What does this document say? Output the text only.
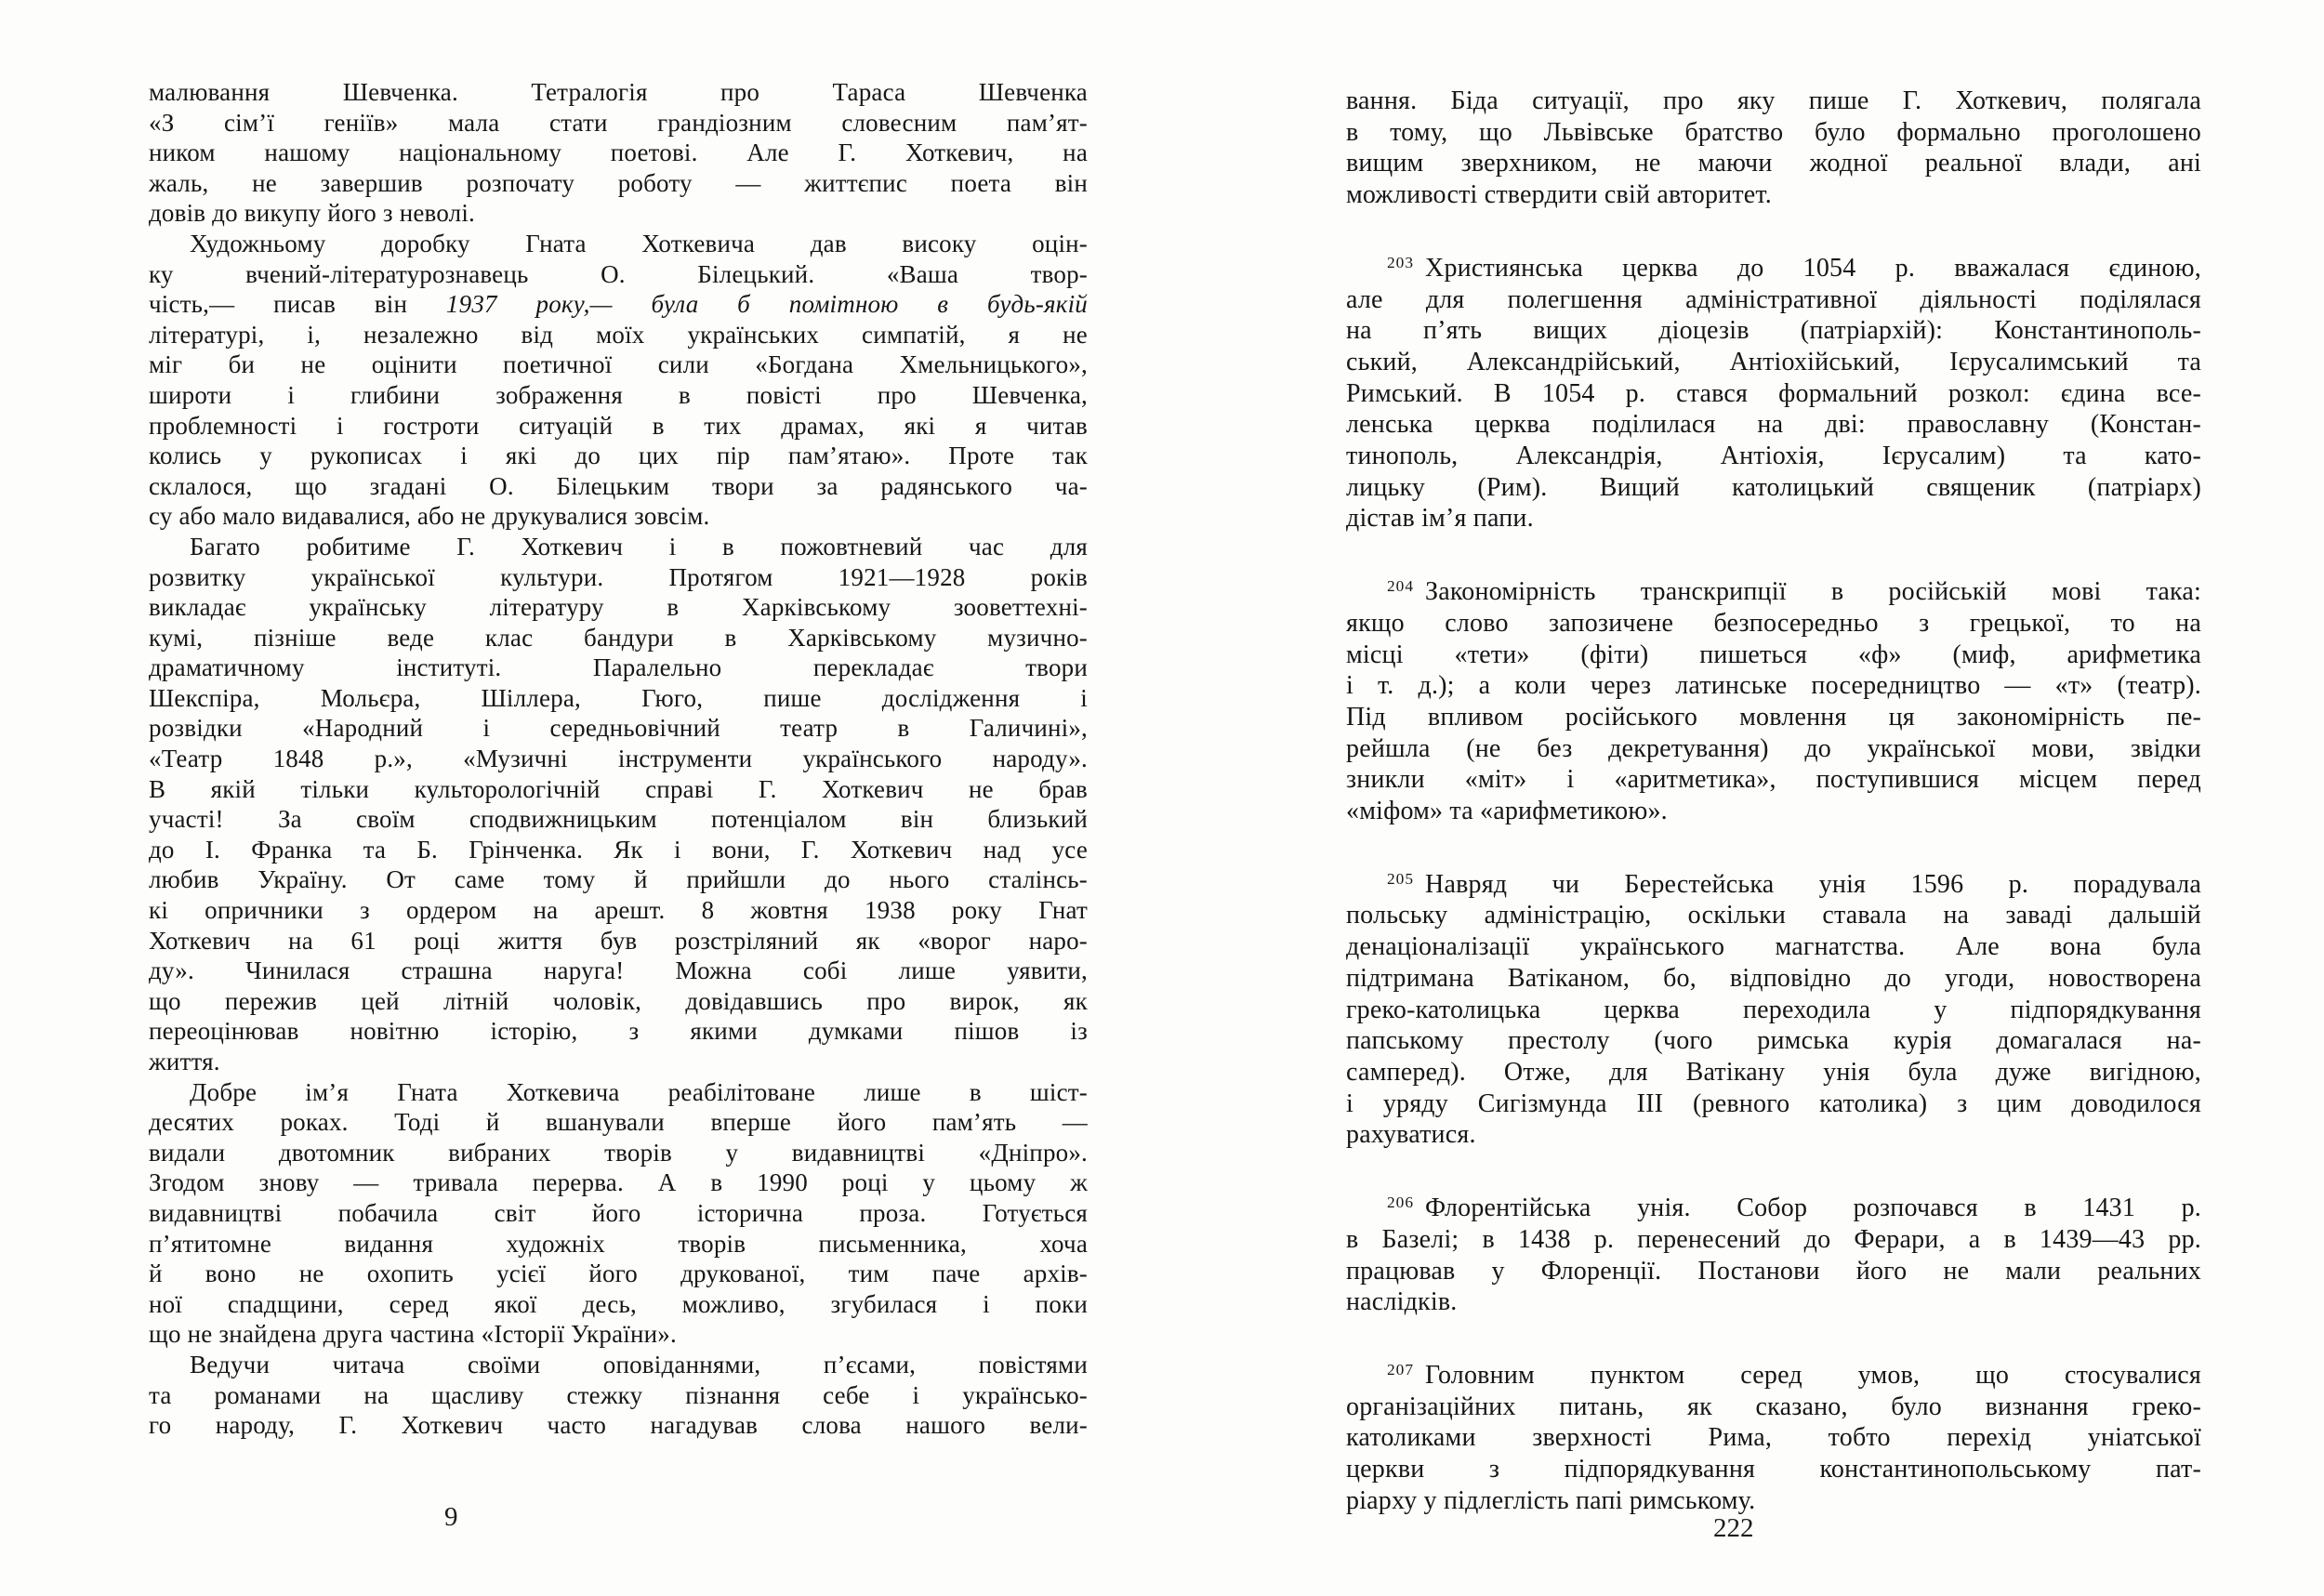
малювання Шевченка. Тетралогія про Тараса Шевченка
«З сім’ї геніїв» мала стати грандіозним словесним пам’ят-
ником нашому національному поетові. Але Г. Хоткевич, на
жаль, не завершив розпочату роботу — життєпис поета він
довів до викупу його з неволі.
Художньому доробку Гната Хоткевича дав високу оцін-
ку вчений-літературознавець О. Білецький. «Ваша твор-
чість,— писав він 1937 року,— була б помітною в будь-якій
літературі, і, незалежно від моїх українських симпатій, я не
міг би не оцінити поетичної сили «Богдана Хмельницького»,
широти і глибини зображення в повісті про Шевченка,
проблемності і гостроти ситуацій в тих драмах, які я читав
колись у рукописах і які до цих пір пам’ятаю». Проте так
склалося, що згадані О. Білецьким твори за радянського ча-
су або мало видавалися, або не друкувалися зовсім.
Багато робитиме Г. Хоткевич і в пожовтневий час для
розвитку української культури. Протягом 1921—1928 років
викладає українську літературу в Харківському зооветтехні-
кумі, пізніше веде клас бандури в Харківському музично-
драматичному інституті. Паралельно перекладає твори
Шекспіра, Мольєра, Шіллера, Гюго, пише дослідження і
розвідки «Народний і середньовічний театр в Галичині»,
«Театр 1848 р.», «Музичні інструменти українського народу».
В якій тільки культорологічній справі Г. Хоткевич не брав
участі! За своїм сподвижницьким потенціалом він близький
до І. Франка та Б. Грінченка. Як і вони, Г. Хоткевич над усе
любив Україну. От саме тому й прийшли до нього сталінсь-
кі опричники з ордером на арешт. 8 жовтня 1938 року Гнат
Хоткевич на 61 році життя був розстріляний як «ворог наро-
ду». Чинилася страшна наруга! Можна собі лише уявити,
що пережив цей літній чоловік, довідавшись про вирок, як
переоцінював новітню історію, з якими думками пішов із
життя.
Добре ім’я Гната Хоткевича реабілітоване лише в шіст-
десятих роках. Тоді й вшанували вперше його пам’ять —
видали двотомник вибраних творів у видавництві «Дніпро».
Згодом знову — тривала перерва. А в 1990 році у цьому ж
видавництві побачила світ його історична проза. Готується
п’ятитомне видання художніх творів письменника, хоча
й воно не охопить усієї його друкованої, тим паче архів-
ної спадщини, серед якої десь, можливо, згубилася і поки
що не знайдена друга частина «Історії України».
Ведучи читача своїми оповіданнями, п’єсами, повістями
та романами на щасливу стежку пізнання себе і українсько-
го народу, Г. Хоткевич часто нагадував слова нашого вели-
9
вання. Біда ситуації, про яку пише Г. Хоткевич, полягала
в тому, що Львівське братство було формально проголошено
вищим зверхником, не маючи жодної реальної влади, ані
можливості ствердити свій авторитет.
$^{203}$ Християнська церква до 1054 р. вважалася єдиною,
але для полегшення адміністративної діяльності поділялася
на п’ять вищих діоцезів (патріархій): Константинополь-
ський, Александрійський, Антіохійський, Ієрусалимський та
Римський. В 1054 р. стався формальний розкол: єдина все-
ленська церква поділилася на дві: православну (Констан-
тинополь, Александрія, Антіохія, Ієрусалим) та като-
лицьку (Рим). Вищий католицький священик (патріарх)
дістав ім’я папи.
$^{204}$ Закономірність транскрипції в російській мові така:
якщо слово запозичене безпосередньо з грецької, то на
місці «тети» (фіти) пишеться «ф» (миф, арифметика
і т. д.); а коли через латинське посередництво — «т» (театр).
Під впливом російського мовлення ця закономірність пе-
рейшла (не без декретування) до української мови, звідки
зникли «міт» і «аритметика», поступившися місцем перед
«міфом» та «арифметикою».
$^{205}$ Навряд чи Берестейська унія 1596 р. порадувала
польську адміністрацію, оскільки ставала на заваді дальшій
денаціоналізації українського магнатства. Але вона була
підтримана Ватіканом, бо, відповідно до угоди, новостворена
греко-католицька церква переходила у підпорядкування
папському престолу (чого римська курія домагалася на-
самперед). Отже, для Ватікану унія була дуже вигідною,
і уряду Сигізмунда III (ревного католика) з цим доводилося
рахуватися.
$^{206}$ Флорентійська унія. Собор розпочався в 1431 р.
в Базелі; в 1438 р. перенесений до Ферари, а в 1439—43 рр.
працював у Флоренції. Постанови його не мали реальних
наслідків.
$^{207}$ Головним пунктом серед умов, що стосувалися
організаційних питань, як сказано, було визнання греко-
католиками зверхності Рима, тобто перехід уніатської
церкви з підпорядкування константинопольському пат-
ріарху у підлеглість папі римському.
222
